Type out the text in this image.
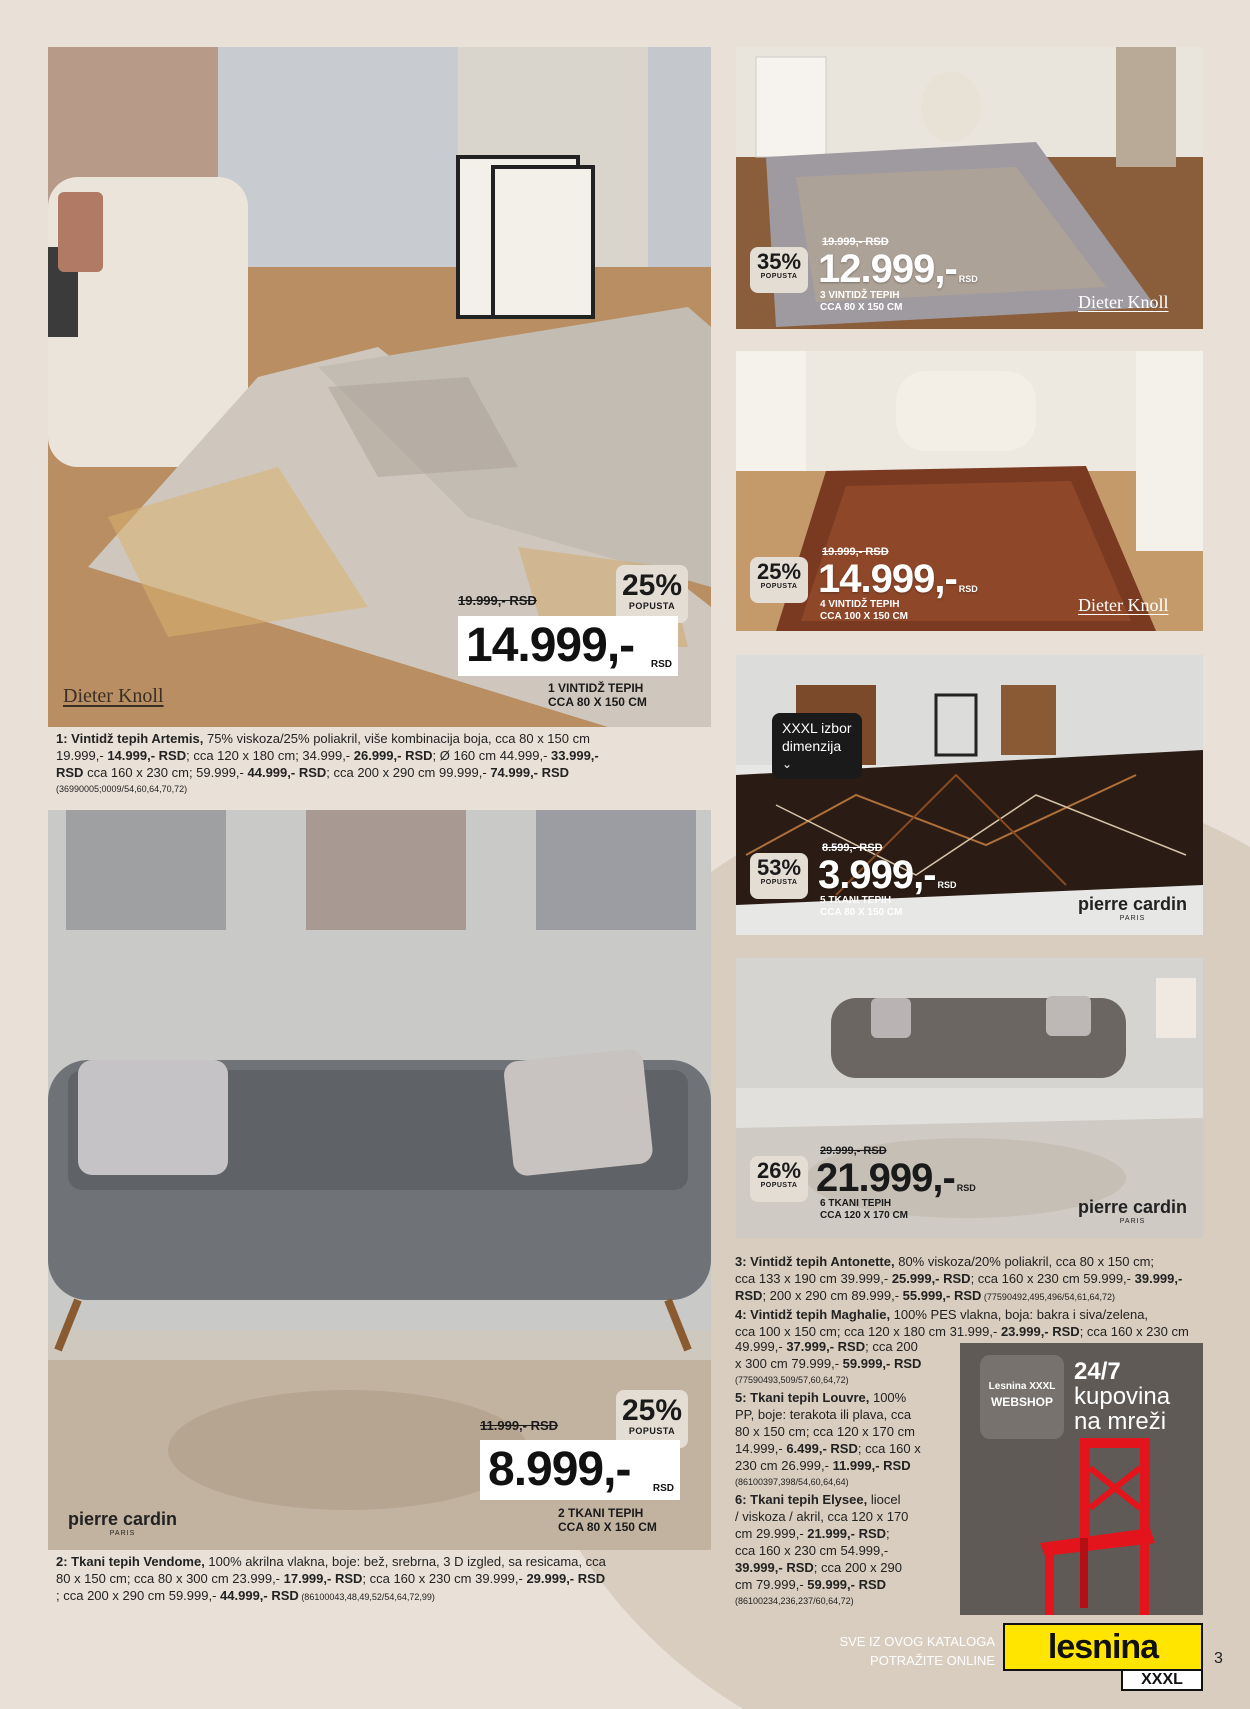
Dieter Knoll
19.999,- RSD	25%
POPUSTA
14.999,- RSD
1 VINTIDŽ TEPIH
CCA 80 X 150 CM
1: Vintidž tepih Artemis, 75% viskoza/25% poliakril, više kombinacija boja, cca 80 x 150 cm
19.999,- 14.999,- RSD; cca 120 x 180 cm; 34.999,- 26.999,- RSD; Ø 160 cm 44.999,- 33.999,-
RSD cca 160 x 230 cm; 59.999,- 44.999,- RSD; cca 200 x 290 cm 99.999,- 74.999,- RSD
(36990005;0009/54,60,64,70,72)
pierre cardin
PARIS
11.999,- RSD 25%
POPUSTA
8.999,- RSD
2 TKANI TEPIH
CCA 80 X 150 CM
2: Tkani tepih Vendome, 100% akrilna vlakna, boje: bež, srebrna, 3 D izgled, sa resicama, cca
80 x 150 cm; cca 80 x 300 cm 23.999,- 17.999,- RSD; cca 160 x 230 cm 39.999,- 29.999,- RSD
; cca 200 x 290 cm 59.999,- 44.999,- RSD (86100043,48,49,52/54,64,72,99)
19.999,- RSD
35%
POPUSTA 12.999,- RSD
3 VINTIDŽ TEPIH
CCA 80 X 150 CM	Dieter Knoll
19.999,- RSD
25%
POPUSTA 14.999,- RSD
4 VINTIDŽ TEPIH
CCA 100 X 150 CM
Dieter Knoll
XXXL izbor
dimenzija
⌄
8.599,- RSD
53%
POPUSTA 3.999,- RSD
5 TKANI TEPIH
CCA 80 X 150 CM	pierre cardin
PARIS
29.999,- RSD
26%
POPUSTA 21.999,- RSD
6 TKANI TEPIH
CCA 120 X 170 CM	pierre cardin
PARIS
3: Vintidž tepih Antonette, 80% viskoza/20% poliakril, cca 80 x 150 cm;
cca 133 x 190 cm 39.999,- 25.999,- RSD; cca 160 x 230 cm 59.999,- 39.999,-
RSD; 200 x 290 cm 89.999,- 55.999,- RSD (77590492,495,496/54,61,64,72)
4: Vintidž tepih Maghalie, 100% PES vlakna, boja: bakra i siva/zelena,
cca 100 x 150 cm; cca 120 x 180 cm 31.999,- 23.999,- RSD; cca 160 x 230 cm
49.999,- 37.999,- RSD; cca 200
x 300 cm 79.999,- 59.999,- RSD
(77590493,509/57,60,64,72)
5: Tkani tepih Louvre, 100%
PP, boje: terakota ili plava, cca
80 x 150 cm; cca 120 x 170 cm
14.999,- 6.499,- RSD; cca 160 x
230 cm 26.999,- 11.999,- RSD
(86100397,398/54,60,64,64)
6: Tkani tepih Elysee, liocel
/ viskoza / akril, cca 120 x 170
cm 29.999,- 21.999,- RSD;
cca 160 x 230 cm 54.999,-
39.999,- RSD; cca 200 x 290
cm 79.999,- 59.999,- RSD
(86100234,236,237/60,64,72)
Lesnina XXXL
WEBSHOP
24/7
kupovina
na mreži
SVE IZ OVOG KATALOGA
POTRAŽITE ONLINE	lesnina
XXXL
3
